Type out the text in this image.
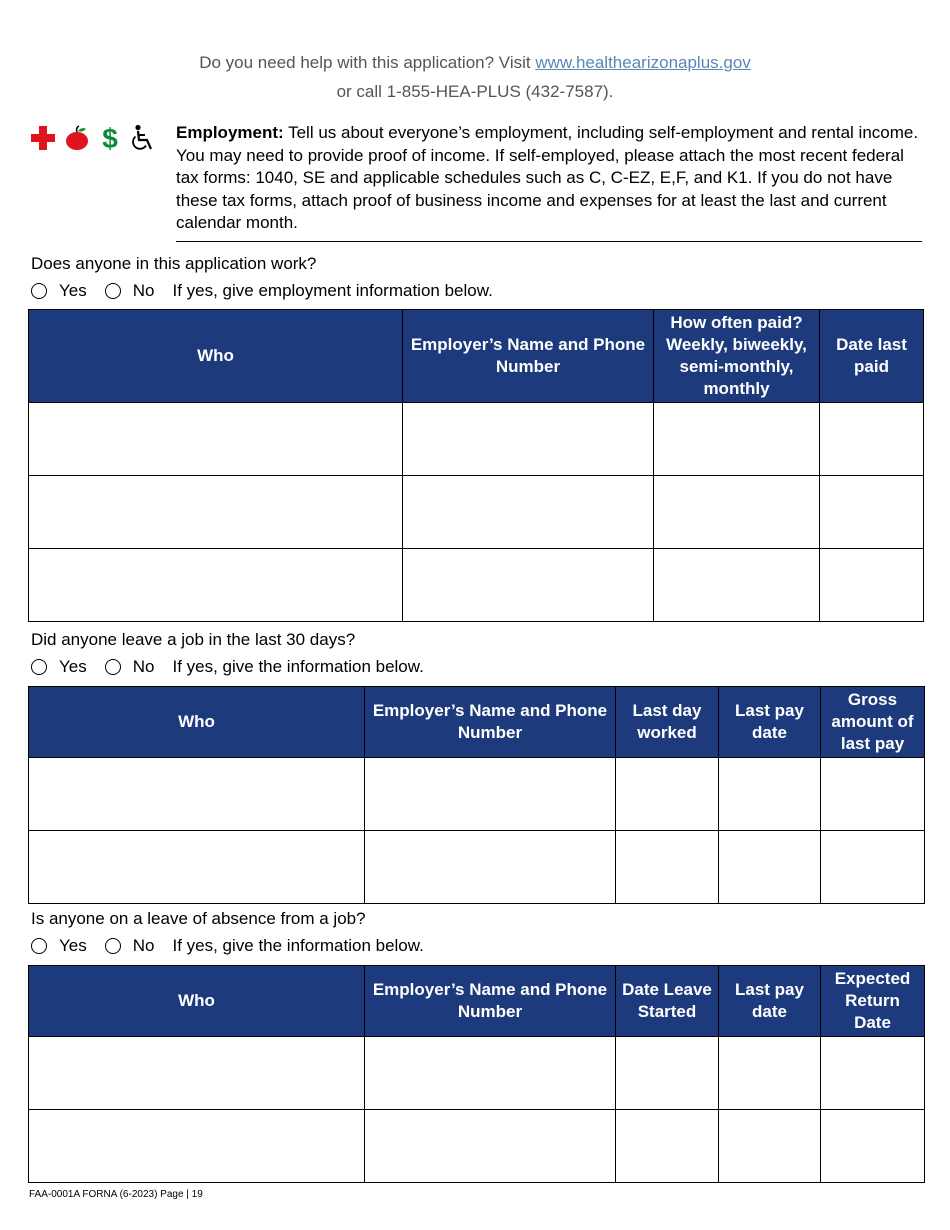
Do you need help with this application? Visit www.healthearizonaplus.gov
or call 1-855-HEA-PLUS (432-7587).
$	Employment: Tell us about everyone’s employment, including self-employment and rental income. You may need to provide proof of income. If self-employed, please attach the most recent federal tax forms: 1040, SE and applicable schedules such as C, C-EZ, E,F, and K1. If you do not have these tax forms, attach proof of business income and expenses for at least the last and current calendar month.
Does anyone in this application work?
Yes	No If yes, give employment information below.
Who	Employer’s Name and Phone Number	How often paid? Weekly, biweekly, semi-monthly, monthly	Date last paid

Did anyone leave a job in the last 30 days?
Yes	No If yes, give the information below.
Who	Employer’s Name and Phone Number	Last day worked	Last pay date	Gross amount of last pay

Is anyone on a leave of absence from a job?
Yes	No If yes, give the information below.
Who	Employer’s Name and Phone Number	Date Leave Started	Last pay date	Expected Return Date

FAA-0001A FORNA (6-2023) Page | 19
